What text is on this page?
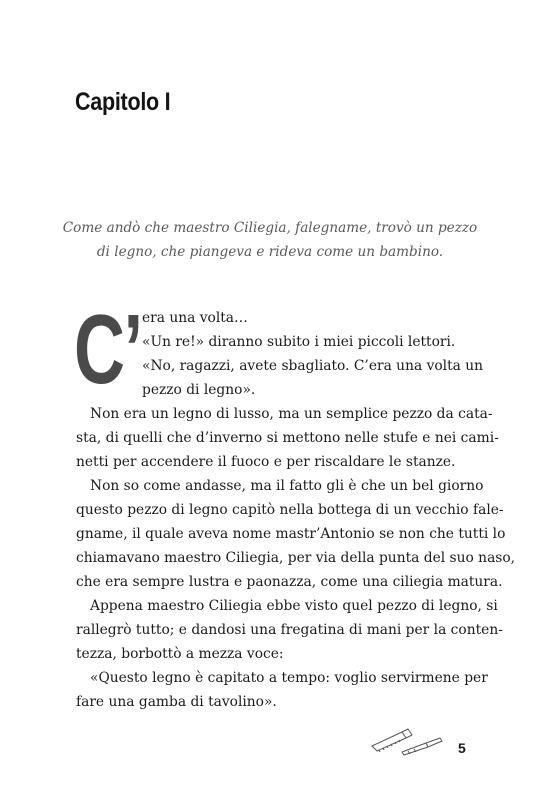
Capitolo I
Come andò che maestro Ciliegia, falegname, trovò un pezzo
di legno, che piangeva e rideva come un bambino.
C’ era una volta…
«Un re!» diranno subito i miei piccoli lettori.
«No, ragazzi, avete sbagliato. C’era una volta un
pezzo di legno».
Non era un legno di lusso, ma un semplice pezzo da cata-
sta, di quelli che d’inverno si mettono nelle stufe e nei cami-
netti per accendere il fuoco e per riscaldare le stanze.
Non so come andasse, ma il fatto gli è che un bel giorno
questo pezzo di legno capitò nella bottega di un vecchio fale-
gname, il quale aveva nome mastr’Antonio se non che tutti lo
chiamavano maestro Ciliegia, per via della punta del suo naso,
che era sempre lustra e paonazza, come una ciliegia matura.
Appena maestro Ciliegia ebbe visto quel pezzo di legno, si
rallegrò tutto; e dandosi una fregatina di mani per la conten-
tezza, borbottò a mezza voce:
«Questo legno è capitato a tempo: voglio servirmene per
fare una gamba di tavolino».
5
